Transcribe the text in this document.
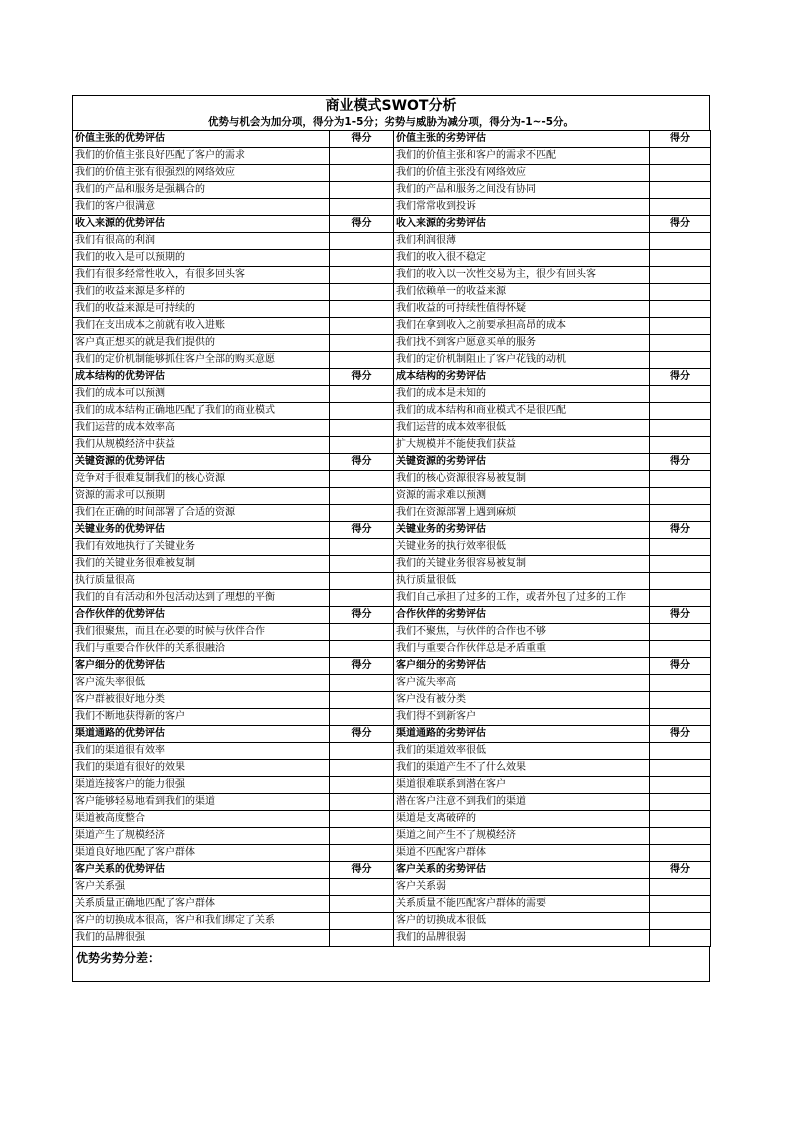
商业模式SWOT分析
优势与机会为加分项，得分为1-5分；劣势与威胁为减分项，得分为-1~-5分。
价值主张的优势评估	得分	价值主张的劣势评估	得分
我们的价值主张良好匹配了客户的需求		我们的价值主张和客户的需求不匹配	
我们的价值主张有很强烈的网络效应		我们的价值主张没有网络效应	
我们的产品和服务是强耦合的		我们的产品和服务之间没有协同	
我们的客户很满意		我们常常收到投诉	
收入来源的优势评估	得分	收入来源的劣势评估	得分
我们有很高的利润		我们利润很薄	
我们的收入是可以预期的		我们的收入很不稳定	
我们有很多经常性收入，有很多回头客		我们的收入以一次性交易为主，很少有回头客	
我们的收益来源是多样的		我们依赖单一的收益来源	
我们的收益来源是可持续的		我们收益的可持续性值得怀疑	
我们在支出成本之前就有收入进账		我们在拿到收入之前要承担高昂的成本	
客户真正想买的就是我们提供的		我们找不到客户愿意买单的服务	
我们的定价机制能够抓住客户全部的购买意愿		我们的定价机制阻止了客户花钱的动机	
成本结构的优势评估	得分	成本结构的劣势评估	得分
我们的成本可以预测		我们的成本是未知的	
我们的成本结构正确地匹配了我们的商业模式		我们的成本结构和商业模式不是很匹配	
我们运营的成本效率高		我们运营的成本效率很低	
我们从规模经济中获益		扩大规模并不能使我们获益	
关键资源的优势评估	得分	关键资源的劣势评估	得分
竞争对手很难复制我们的核心资源		我们的核心资源很容易被复制	
资源的需求可以预期		资源的需求难以预测	
我们在正确的时间部署了合适的资源		我们在资源部署上遇到麻烦	
关键业务的优势评估	得分	关键业务的劣势评估	得分
我们有效地执行了关键业务		关键业务的执行效率很低	
我们的关键业务很难被复制		我们的关键业务很容易被复制	
执行质量很高		执行质量很低	
我们的自有活动和外包活动达到了理想的平衡		我们自己承担了过多的工作，或者外包了过多的工作	
合作伙伴的优势评估	得分	合作伙伴的劣势评估	得分
我们很聚焦，而且在必要的时候与伙伴合作		我们不聚焦，与伙伴的合作也不够	
我们与重要合作伙伴的关系很融洽		我们与重要合作伙伴总是矛盾重重	
客户细分的优势评估	得分	客户细分的劣势评估	得分
客户流失率很低		客户流失率高	
客户群被很好地分类		客户没有被分类	
我们不断地获得新的客户		我们得不到新客户	
渠道通路的优势评估	得分	渠道通路的劣势评估	得分
我们的渠道很有效率		我们的渠道效率很低	
我们的渠道有很好的效果		我们的渠道产生不了什么效果	
渠道连接客户的能力很强		渠道很难联系到潜在客户	
客户能够轻易地看到我们的渠道		潜在客户注意不到我们的渠道	
渠道被高度整合		渠道是支离破碎的	
渠道产生了规模经济		渠道之间产生不了规模经济	
渠道良好地匹配了客户群体		渠道不匹配客户群体	
客户关系的优势评估	得分	客户关系的劣势评估	得分
客户关系强		客户关系弱	
关系质量正确地匹配了客户群体		关系质量不能匹配客户群体的需要	
客户的切换成本很高，客户和我们绑定了关系		客户的切换成本很低	
我们的品牌很强		我们的品牌很弱	
优势劣势分差：
